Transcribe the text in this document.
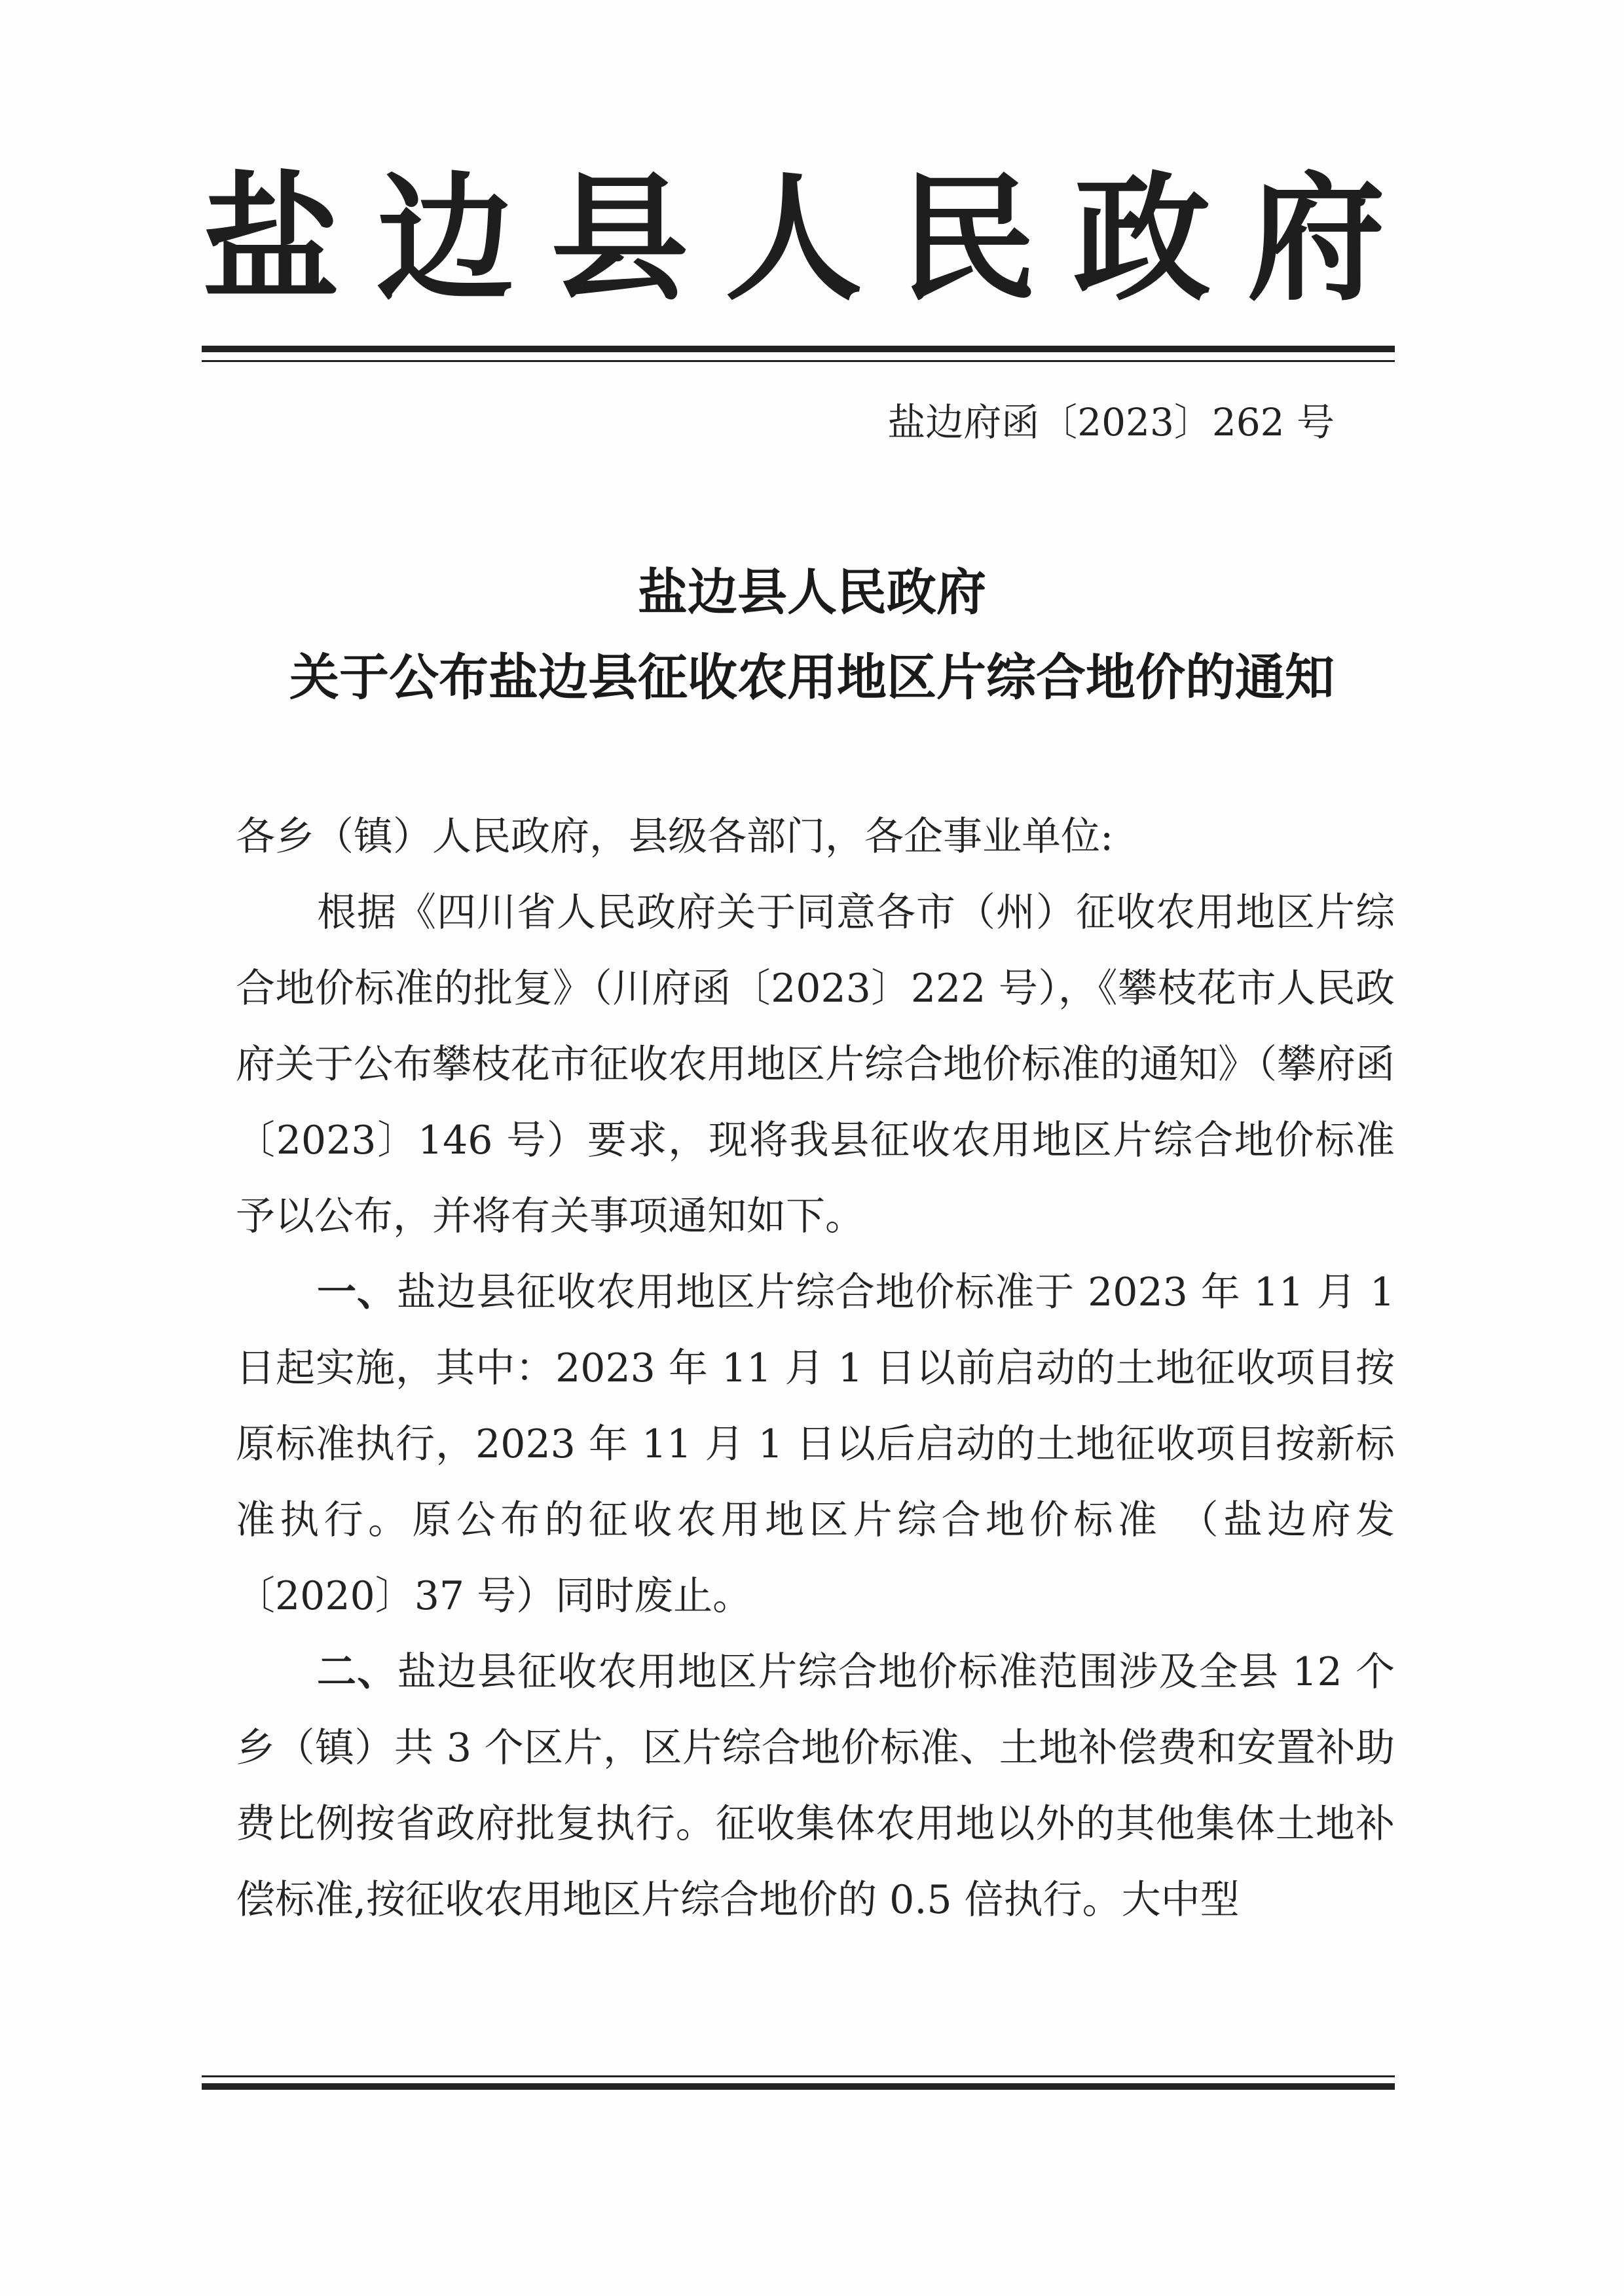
盐边县人民政府
盐边府函〔2023〕262 号
盐边县人民政府
关于公布盐边县征收农用地区片综合地价的通知

各乡（镇）人民政府，县级各部门，各企事业单位:

根据《四川省人民政府关于同意各市（州）征收农用地区片综合地价标准的批复》（川府函〔2023〕222 号），《攀枝花市人民政府关于公布攀枝花市征收农用地区片综合地价标准的通知》（攀府函〔2023〕146 号）要求，现将我县征收农用地区片综合地价标准予以公布，并将有关事项通知如下。

一、盐边县征收农用地区片综合地价标准于 2023 年 11 月 1 日起实施，其中：2023 年 11 月 1 日以前启动的土地征收项目按原标准执行，2023 年 11 月 1 日以后启动的土地征收项目按新标准执行。原公布的征收农用地区片综合地价标准 （盐边府发〔2020〕37 号）同时废止。

二、盐边县征收农用地区片综合地价标准范围涉及全县 12 个乡（镇）共 3 个区片，区片综合地价标准、土地补偿费和安置补助费比例按省政府批复执行。征收集体农用地以外的其他集体土地补偿标准,按征收农用地区片综合地价的 0.5 倍执行。大中型
